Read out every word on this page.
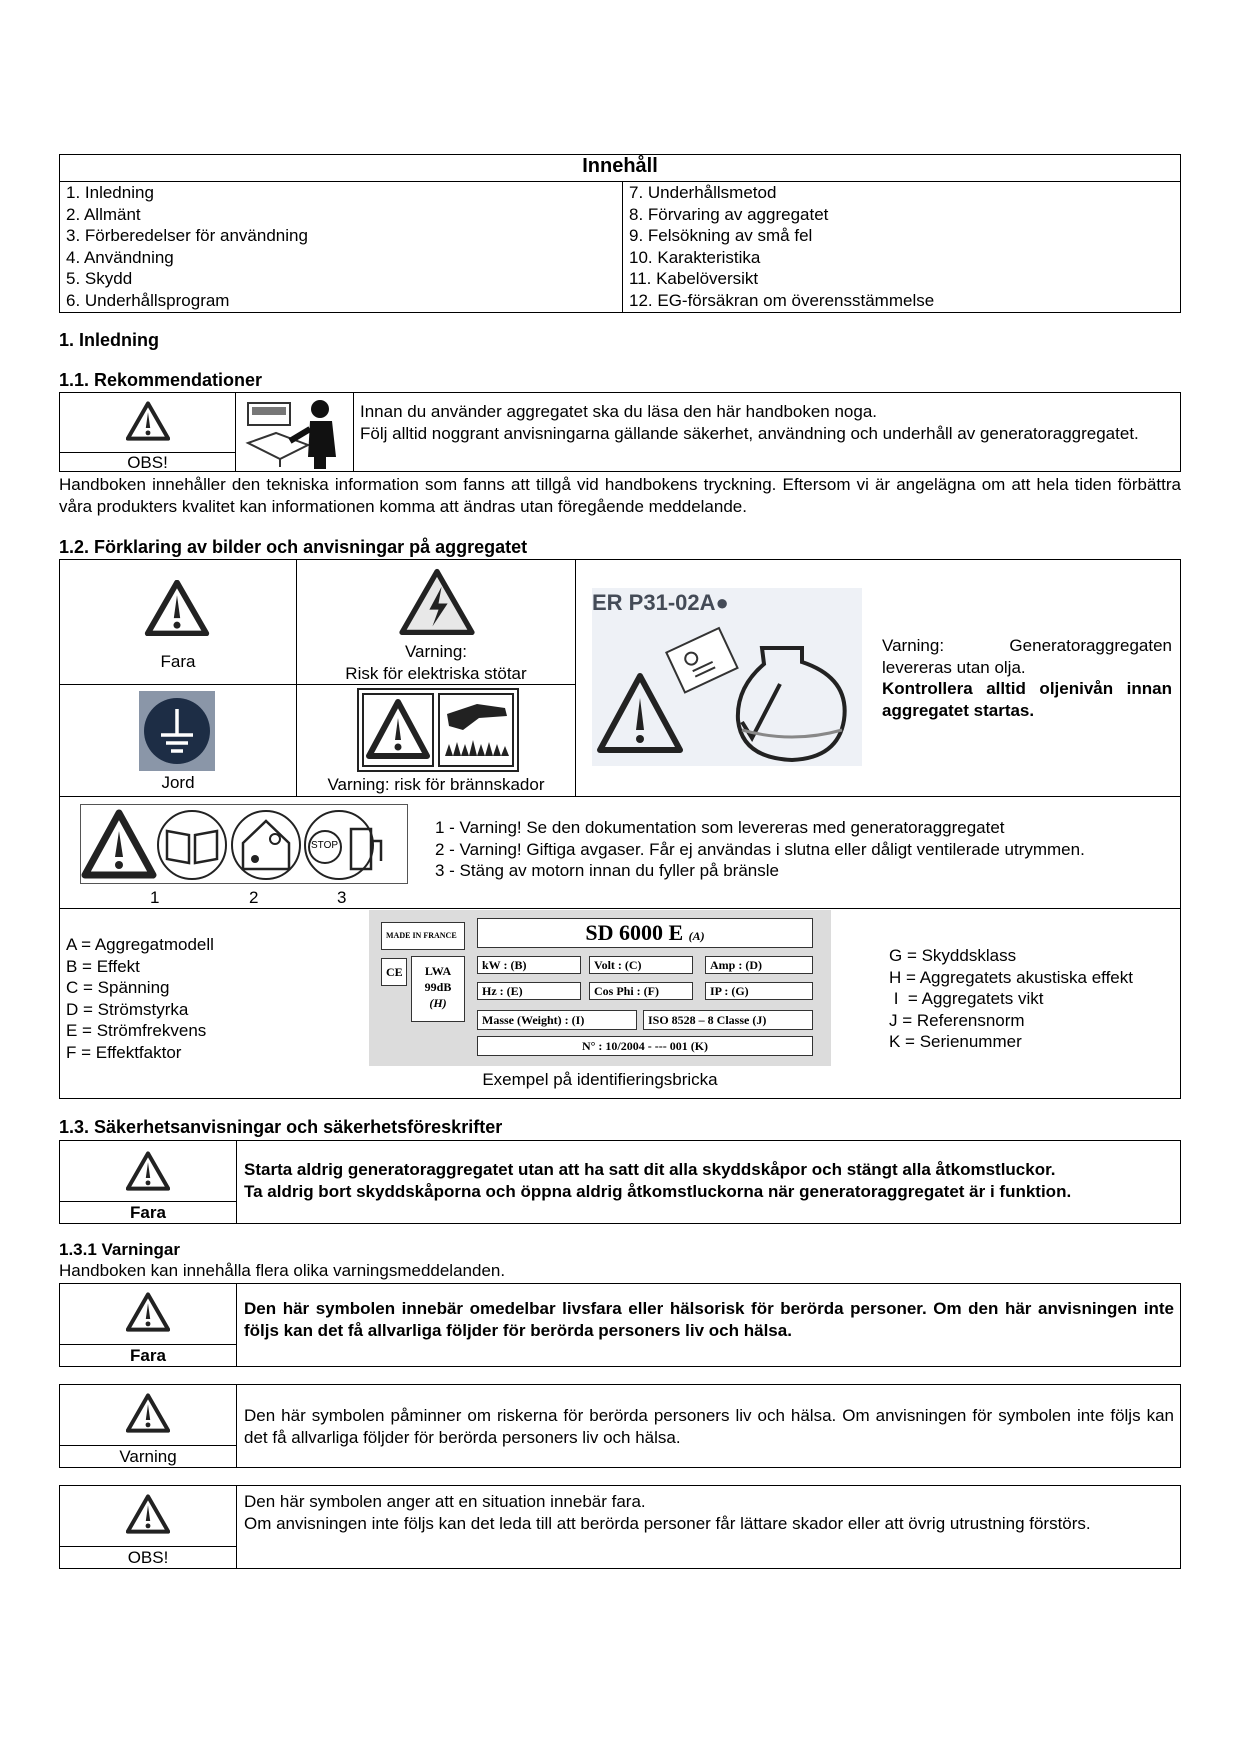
Innehåll

1. Inledning
2. Allmänt
3. Förberedelser för användning
4. Användning
5. Skydd
6. Underhållsprogram

7. Underhållsmetod
8. Förvaring av aggregatet
9. Felsökning av små fel
10. Karakteristika
11. Kabelöversikt
12. EG-försäkran om överensstämmelse
1. Inledning
1.1. Rekommendationer
OBS!
Innan du använder aggregatet ska du läsa den här handboken noga.
Följ alltid noggrant anvisningarna gällande säkerhet, användning och underhåll av generatoraggregatet.
Handboken innehåller den tekniska information som fanns att tillgå vid handbokens tryckning. Eftersom vi är angelägna om att hela tiden förbättra våra produkters kvalitet kan informationen komma att ändras utan föregående meddelande.
1.2. Förklaring av bilder och anvisningar på aggregatet
Fara
Varning:
Risk för elektriska stötar
Jord	Varning: risk för brännskador
ER P31-02A●
Varning: Generatoraggregaten levereras utan olja.
Kontrollera alltid oljenivån innan aggregatet startas.
STOP
1	2	3
1 - Varning! Se den dokumentation som levereras med generatoraggregatet
2 - Varning! Giftiga avgaser. Får ej användas i slutna eller dåligt ventilerade utrymmen.
3 - Stäng av motorn innan du fyller på bränsle
A = Aggregatmodell
B = Effekt
C = Spänning
D = Strömstyrka
E = Strömfrekvens
F = Effektfaktor
MADE IN FRANCE	SD 6000 E (A)
CE	LWA
99dB
(H)
kW : (B)	Volt : (C)	Amp : (D)
Hz : (E)	Cos Phi : (F)	IP : (G)
Masse (Weight) : (I)	ISO 8528 – 8 Classe (J)
N° : 10/2004 - --- 001 (K)
Exempel på identifieringsbricka
G = Skyddsklass
H = Aggregatets akustiska effekt
I  = Aggregatets vikt
J = Referensnorm
K = Serienummer
1.3. Säkerhetsanvisningar och säkerhetsföreskrifter
Fara
Starta aldrig generatoraggregatet utan att ha satt dit alla skyddskåpor och stängt alla åtkomstluckor.
Ta aldrig bort skyddskåporna och öppna aldrig åtkomstluckorna när generatoraggregatet är i funktion.
1.3.1 Varningar
Handboken kan innehålla flera olika varningsmeddelanden.
Fara
Den här symbolen innebär omedelbar livsfara eller hälsorisk för berörda personer. Om den här anvisningen inte följs kan det få allvarliga följder för berörda personers liv och hälsa.
Varning
Den här symbolen påminner om riskerna för berörda personers liv och hälsa. Om anvisningen för symbolen inte följs kan det få allvarliga följder för berörda personers liv och hälsa.
OBS!
Den här symbolen anger att en situation innebär fara.
Om anvisningen inte följs kan det leda till att berörda personer får lättare skador eller att övrig utrustning förstörs.
